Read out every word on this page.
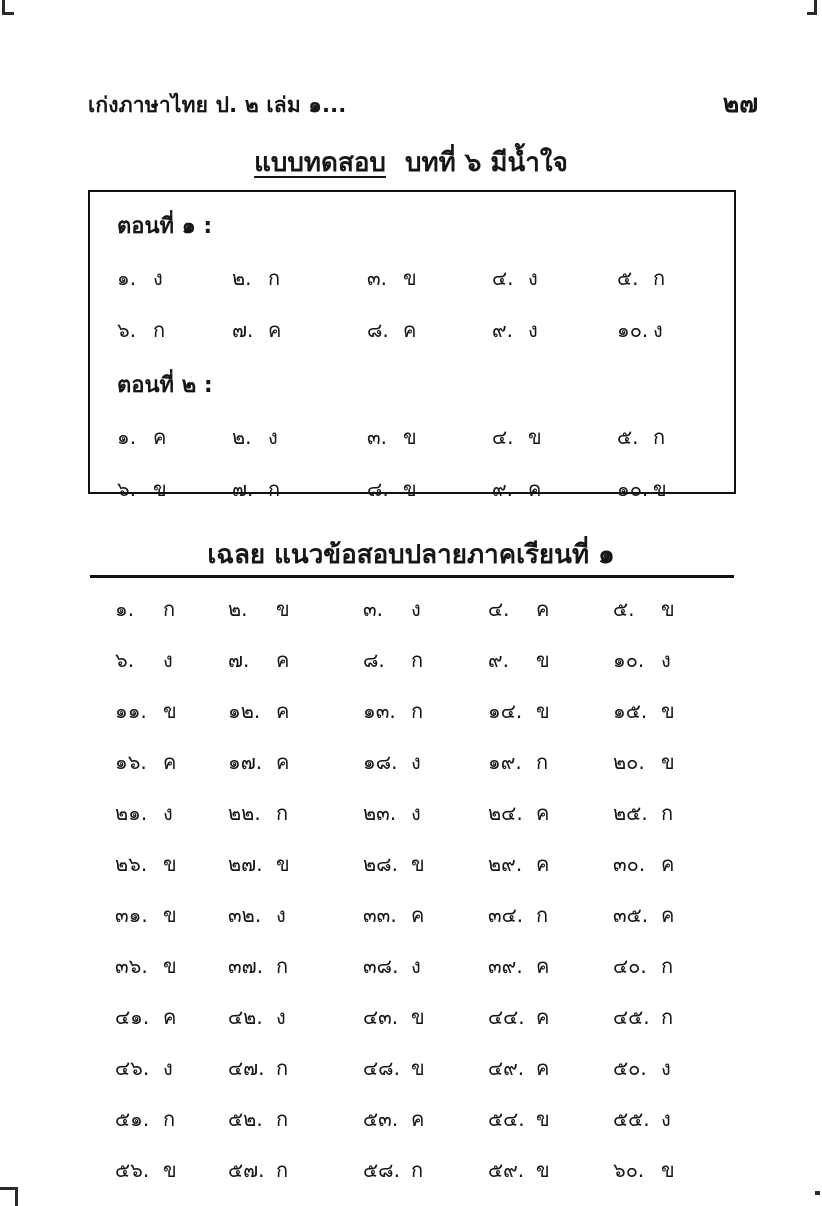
เก่งภาษาไทย ป. ๒ เล่ม ๑...	๒๗
แบบทดสอบ บทที่ ๖ มีน้ำใจ
ตอนที่ ๑ :
๑. ง	๒. ก	๓. ข	๔. ง	๕. ก
๖. ก	๗. ค	๘. ค	๙. ง	๑๐. ง
ตอนที่ ๒ :
๑. ค	๒. ง	๓. ข	๔. ข	๕. ก
๖. ข	๗. ก	๘. ข	๙. ค	๑๐. ข
เฉลย แนวข้อสอบปลายภาคเรียนที่ ๑
๑.	ก	๒.	ข	๓.	ง	๔.	ค	๕.	ข
๖.	ง	๗.	ค	๘.	ก	๙.	ข	๑๐. ง
๑๑. ข	๑๒. ค	๑๓. ก	๑๔. ข	๑๕. ข
๑๖. ค	๑๗. ค	๑๘. ง	๑๙. ก	๒๐. ข
๒๑. ง	๒๒. ก	๒๓. ง	๒๔. ค	๒๕. ก
๒๖. ข	๒๗. ข	๒๘. ข	๒๙. ค	๓๐. ค
๓๑. ข	๓๒. ง	๓๓. ค	๓๔. ก	๓๕. ค
๓๖. ข	๓๗. ก	๓๘. ง	๓๙. ค	๔๐. ก
๔๑. ค	๔๒. ง	๔๓. ข	๔๔. ค	๔๕. ก
๔๖. ง	๔๗. ก	๔๘. ข	๔๙. ค	๕๐. ง
๕๑. ก	๕๒. ก	๕๓. ค	๕๔. ข	๕๕. ง
๕๖. ข	๕๗. ก	๕๘. ก	๕๙. ข	๖๐. ข
